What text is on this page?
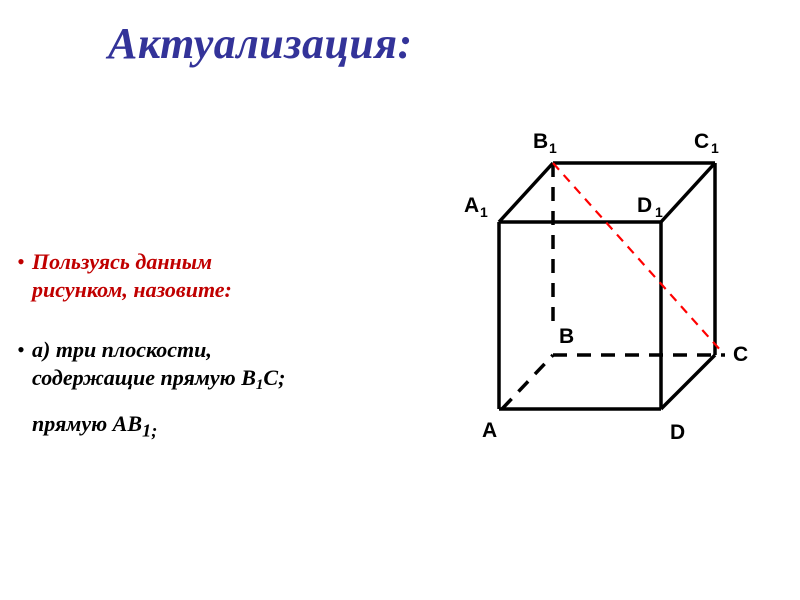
Актуализация:
• Пользуясь данным
рисунком, назовите:
• а) три плоскости,
содержащие прямую $В_1С$;
прямую $АВ_{1;}$
B 1	C 1
A 1	D 1
B
C
A	D
